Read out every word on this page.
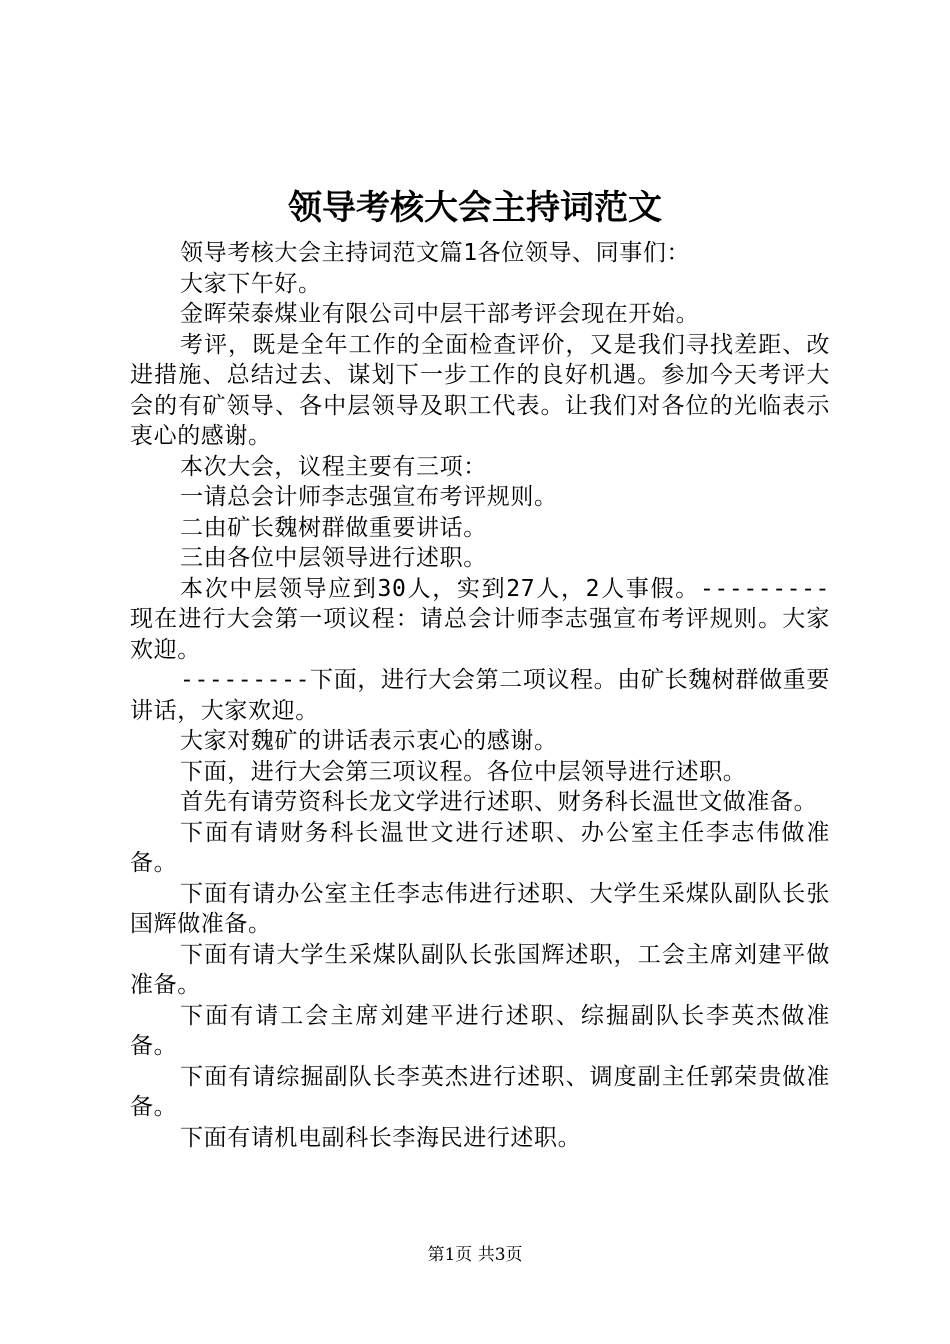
领导考核大会主持词范文

领导考核大会主持词范文篇1各位领导、同事们：

大家下午好。

金晖荣泰煤业有限公司中层干部考评会现在开始。

考评，既是全年工作的全面检查评价，又是我们寻找差距、改进措施、总结过去、谋划下一步工作的良好机遇。参加今天考评大会的有矿领导、各中层领导及职工代表。让我们对各位的光临表示衷心的感谢。

本次大会，议程主要有三项：

一请总会计师李志强宣布考评规则。

二由矿长魏树群做重要讲话。

三由各位中层领导进行述职。

本次中层领导应到30人，实到27人，2人事假。---------现在进行大会第一项议程：请总会计师李志强宣布考评规则。大家欢迎。

---------下面，进行大会第二项议程。由矿长魏树群做重要讲话，大家欢迎。

大家对魏矿的讲话表示衷心的感谢。

下面，进行大会第三项议程。各位中层领导进行述职。

首先有请劳资科长龙文学进行述职、财务科长温世文做准备。

下面有请财务科长温世文进行述职、办公室主任李志伟做准备。

下面有请办公室主任李志伟进行述职、大学生采煤队副队长张国辉做准备。

下面有请大学生采煤队副队长张国辉述职，工会主席刘建平做准备。

下面有请工会主席刘建平进行述职、综掘副队长李英杰做准备。

下面有请综掘副队长李英杰进行述职、调度副主任郭荣贵做准备。

下面有请机电副科长李海民进行述职。

第1页 共3页
